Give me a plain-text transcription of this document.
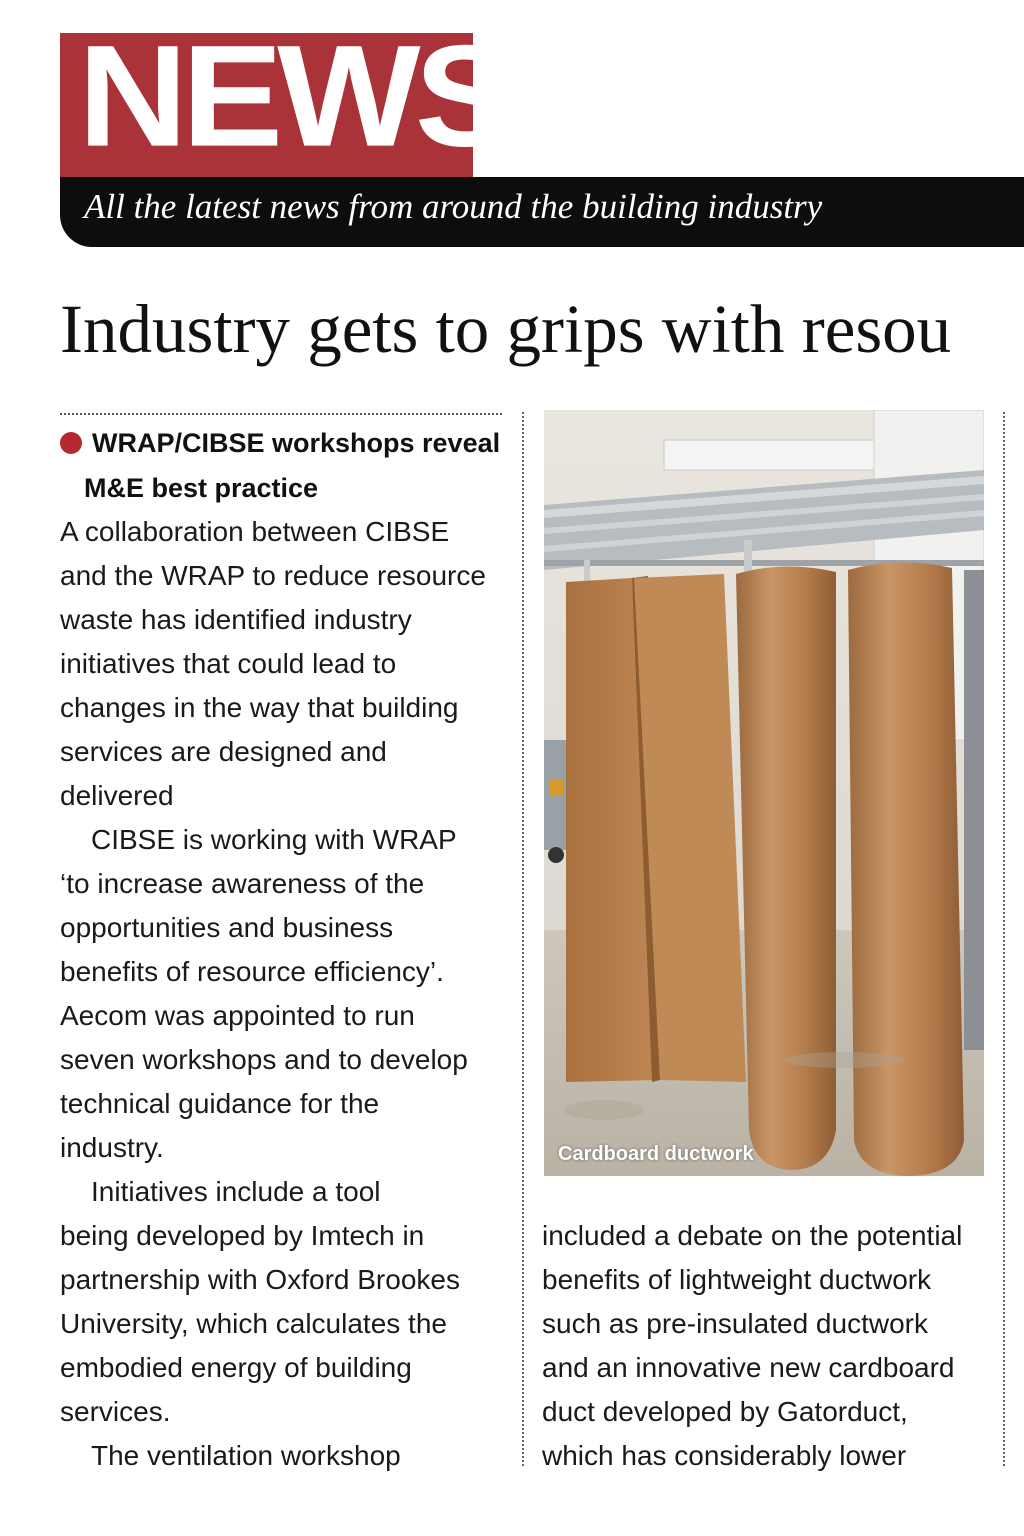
NEWS
All the latest news from around the building industry
Industry gets to grips with resou
WRAP/CIBSE workshops reveal
M&E best practice
A collaboration between CIBSE
and the WRAP to reduce resource
waste has identified industry
initiatives that could lead to
changes in the way that building
services are designed and
delivered
CIBSE is working with WRAP
‘to increase awareness of the
opportunities and business
benefits of resource efficiency’.
Aecom was appointed to run
seven workshops and to develop
technical guidance for the
industry.
Initiatives include a tool
being developed by Imtech in
partnership with Oxford Brookes
University, which calculates the
embodied energy of building
services.
The ventilation workshop
Cardboard ductwork
included a debate on the potential
benefits of lightweight ductwork
such as pre-insulated ductwork
and an innovative new cardboard
duct developed by Gatorduct,
which has considerably lower
